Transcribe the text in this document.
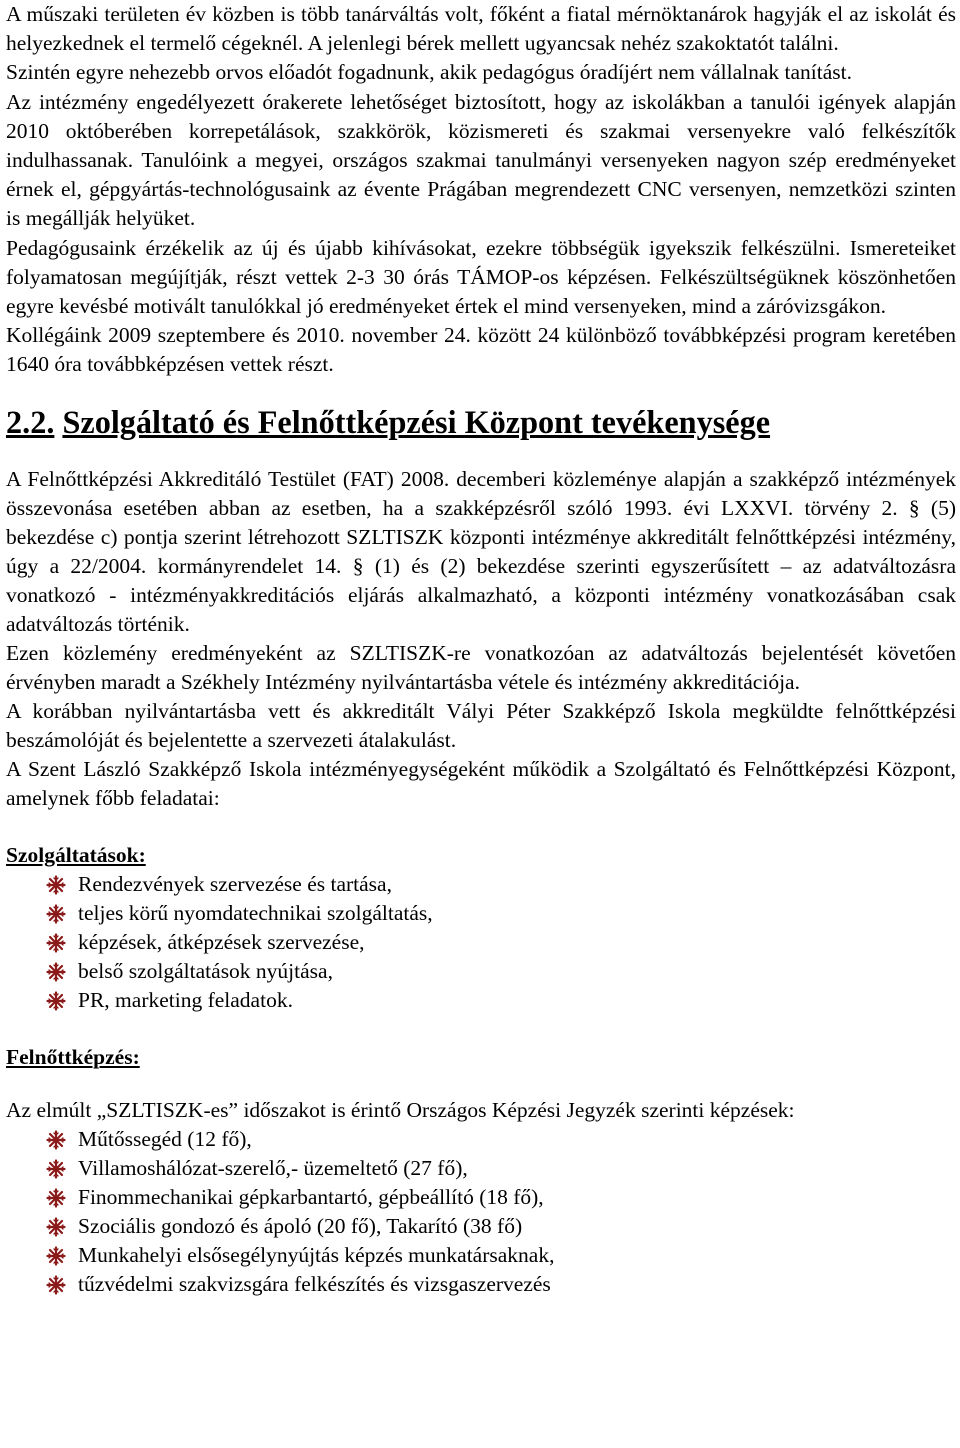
A műszaki területen év közben is több tanárváltás volt, főként a fiatal mérnöktanárok hagyják el az iskolát és helyezkednek el termelő cégeknél. A jelenlegi bérek mellett ugyancsak nehéz szakoktatót találni.

Szintén egyre nehezebb orvos előadót fogadnunk, akik pedagógus óradíjért nem vállalnak tanítást.

Az intézmény engedélyezett órakerete lehetőséget biztosított, hogy az iskolákban a tanulói igények alapján 2010 októberében korrepetálások, szakkörök, közismereti és szakmai versenyekre való felkészítők indulhassanak. Tanulóink a megyei, országos szakmai tanulmányi versenyeken nagyon szép eredményeket érnek el, gépgyártás-technológusaink az évente Prágában megrendezett CNC versenyen, nemzetközi szinten is megállják helyüket.

Pedagógusaink érzékelik az új és újabb kihívásokat, ezekre többségük igyekszik felkészülni. Ismereteiket folyamatosan megújítják, részt vettek 2-3 30 órás TÁMOP-os képzésen. Felkészültségüknek köszönhetően egyre kevésbé motivált tanulókkal jó eredményeket értek el mind versenyeken, mind a záróvizsgákon.

Kollégáink 2009 szeptembere és 2010. november 24. között 24 különböző továbbképzési program keretében 1640 óra továbbképzésen vettek részt.

2.2. Szolgáltató és Felnőttképzési Központ tevékenysége

A Felnőttképzési Akkreditáló Testület (FAT) 2008. decemberi közleménye alapján a szakképző intézmények összevonása esetében abban az esetben, ha a szakképzésről szóló 1993. évi LXXVI. törvény 2. § (5) bekezdése c) pontja szerint létrehozott SZLTISZK központi intézménye akkreditált felnőttképzési intézmény, úgy a 22/2004. kormányrendelet 14. § (1) és (2) bekezdése szerinti egyszerűsített – az adatváltozásra vonatkozó - intézményakkreditációs eljárás alkalmazható, a központi intézmény vonatkozásában csak adatváltozás történik.

Ezen közlemény eredményeként az SZLTISZK-re vonatkozóan az adatváltozás bejelentését követően érvényben maradt a Székhely Intézmény nyilvántartásba vétele és intézmény akkreditációja.

A korábban nyilvántartásba vett és akkreditált Vályi Péter Szakképző Iskola megküldte felnőttképzési beszámolóját és bejelentette a szervezeti átalakulást.

A Szent László Szakképző Iskola intézményegységeként működik a Szolgáltató és Felnőttképzési Központ, amelynek főbb feladatai:

Szolgáltatások:

Rendezvények szervezése és tartása,
teljes körű nyomdatechnikai szolgáltatás,
képzések, átképzések szervezése,
belső szolgáltatások nyújtása,
PR, marketing feladatok.

Felnőttképzés:

Az elmúlt „SZLTISZK-es” időszakot is érintő Országos Képzési Jegyzék szerinti képzések:

Műtőssegéd (12 fő),
Villamoshálózat-szerelő,- üzemeltető (27 fő),
Finommechanikai gépkarbantartó, gépbeállító (18 fő),
Szociális gondozó és ápoló (20 fő), Takarító (38 fő)
Munkahelyi elsősegélynyújtás képzés munkatársaknak,
tűzvédelmi szakvizsgára felkészítés és vizsgaszervezés
